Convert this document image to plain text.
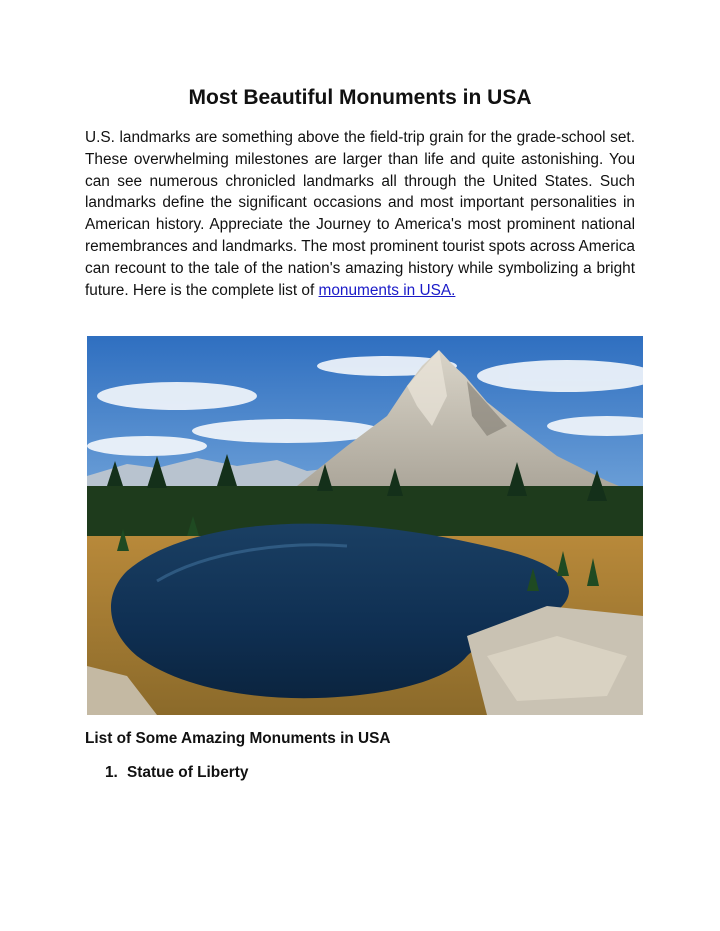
Most Beautiful Monuments in USA

U.S. landmarks are something above the field-trip grain for the grade-school set. These overwhelming milestones are larger than life and quite astonishing. You can see numerous chronicled landmarks all through the United States. Such landmarks define the significant occasions and most important personalities in American history. Appreciate the Journey to America's most prominent national remembrances and landmarks. The most prominent tourist spots across America can recount to the tale of the nation's amazing history while symbolizing a bright future. Here is the complete list of monuments in USA.

List of Some Amazing Monuments in USA
1. Statue of Liberty
